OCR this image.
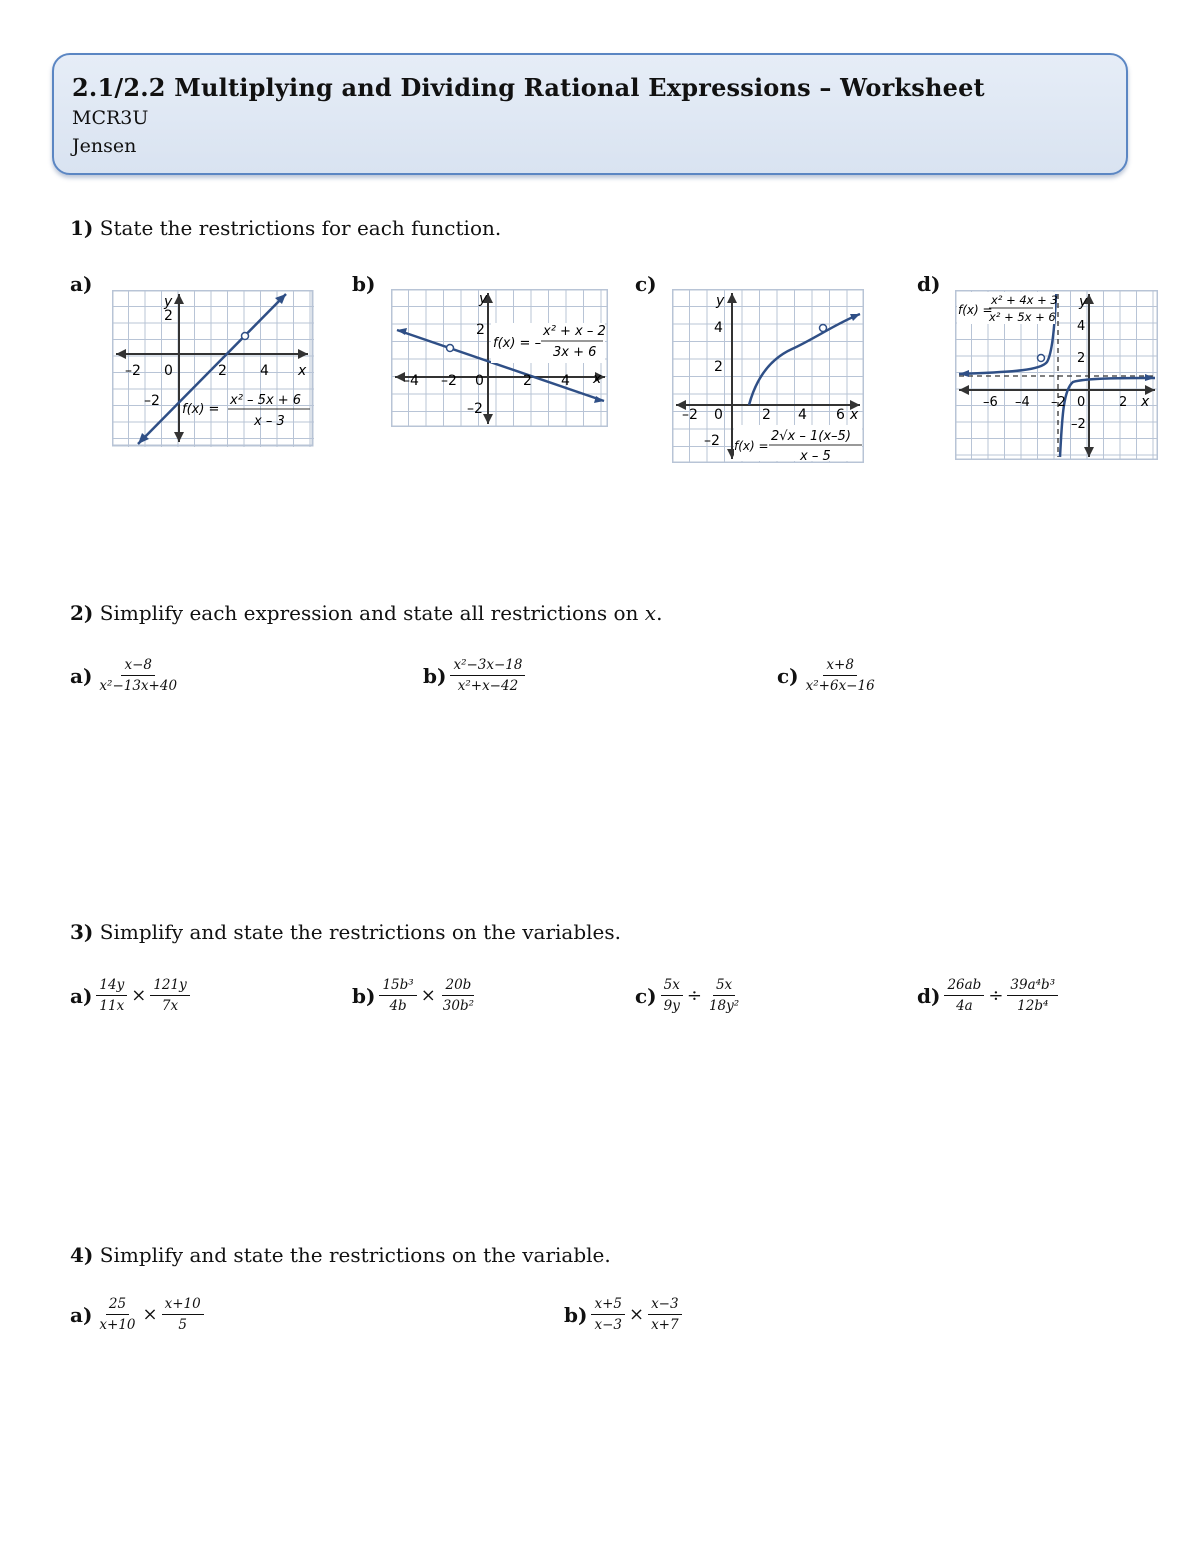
2.1/2.2 Multiplying and Dividing Rational Expressions – Worksheet
MCR3U
Jensen
1) State the restrictions for each function.
a)	b)	c)	d)
y
x
–2 0	2 4
2
–2
f(x) =
x² – 5x + 6
x – 3
y
x
–4 –2 0	2 4
2
–2
f(x) = –
x² + x – 2
3x + 6
y
x
–2 0	2 4 6
4
2
–2 f(x) =
2√x – 1(x–5)
x – 5
y
x
–6 –4 –2 0	2
4
2
–2
f(x) =
x² + 4x + 3
x² + 5x + 6
2) Simplify each expression and state all restrictions on x.
$a) \frac{x-8}{\text{x²−13x+40}}$	$b) \frac{\text{x²−3x−18}}{\text{x²+x−42}}$	$c) \frac{x+8}{\text{x²+6x−16}}$
3) Simplify and state the restrictions on the variables.
$a) \frac{14y}{11x} \times \frac{121y}{7x}$	$b) \frac{\text{15b³}}{4b} \times \frac{20b}{\text{30b²}}$	$c) \frac{5x}{9y} \div \frac{5x}{\text{18y²}}$	$d) \frac{26ab}{4a} \div \frac{\text{39a⁴b³}}{\text{12b⁴}}$
4) Simplify and state the restrictions on the variable.
$a) \frac{25}{x+10} \times \frac{x+10}{5}$	$b) \frac{x+5}{x-3} \times \frac{x-3}{x+7}$
